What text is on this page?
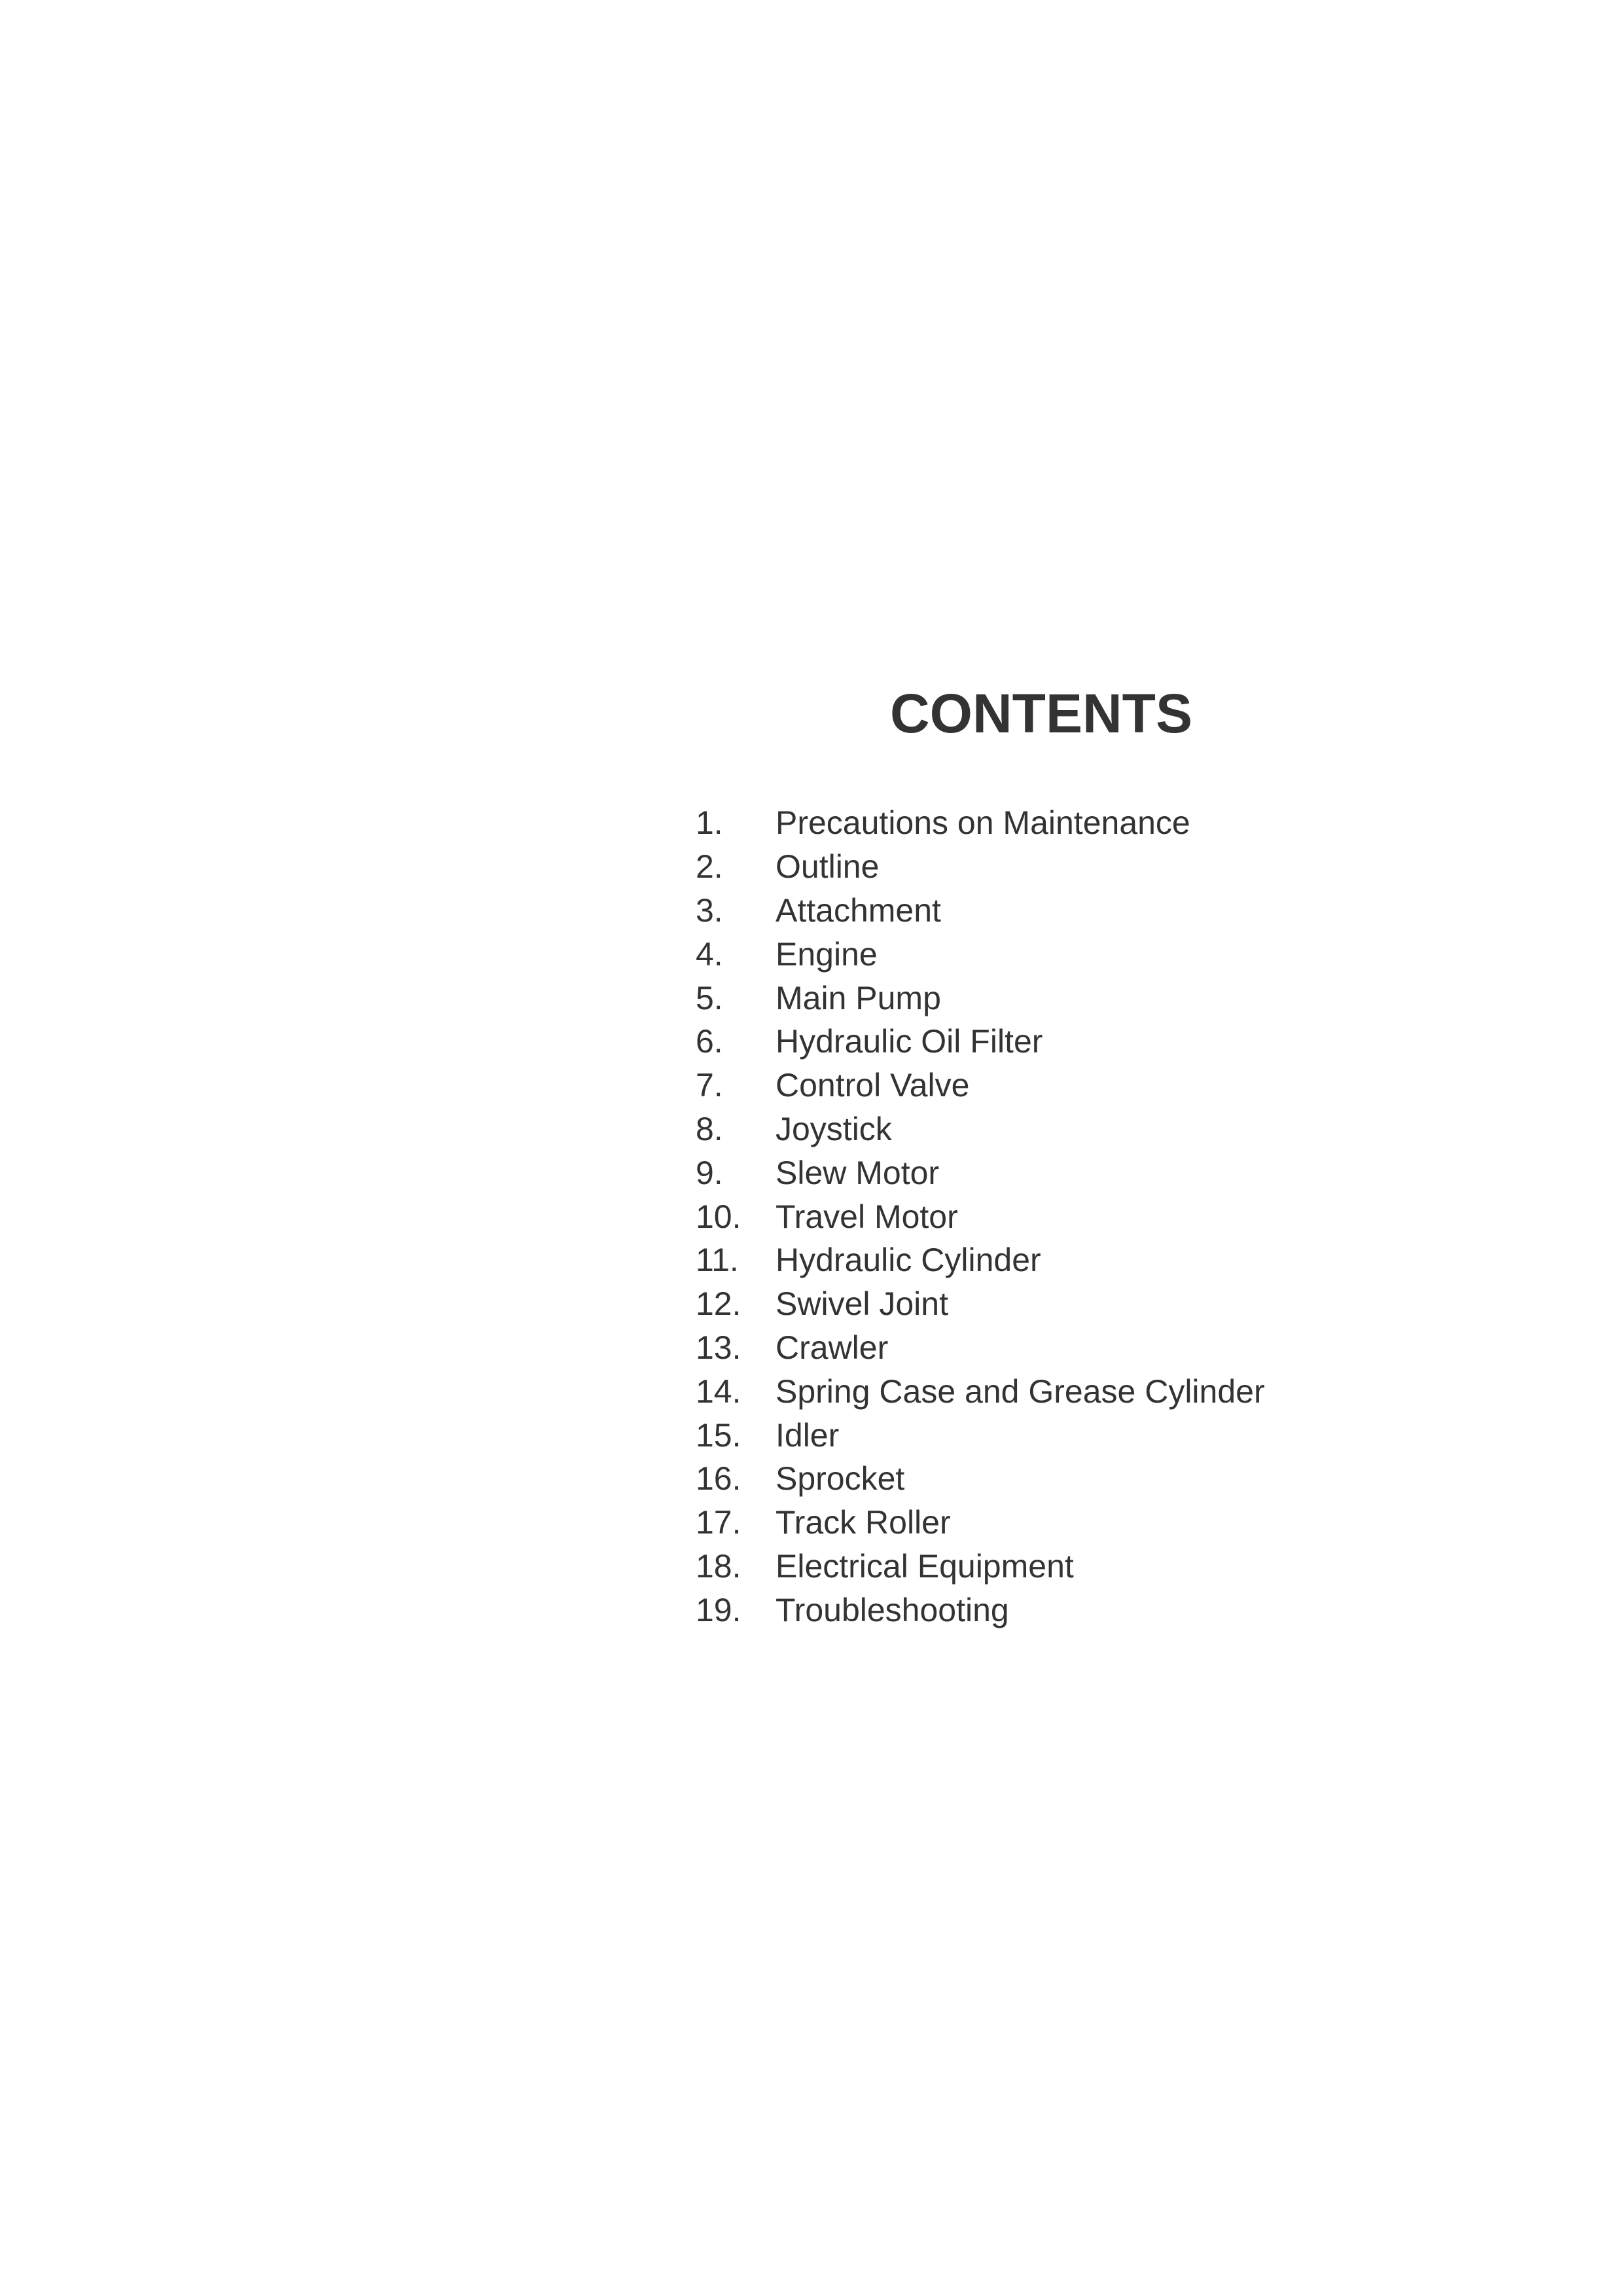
CONTENTS
1.	Precautions on Maintenance
2.	Outline
3.	Attachment
4.	Engine
5.	Main Pump
6.	Hydraulic Oil Filter
7.	Control Valve
8.	Joystick
9.	Slew Motor
10.	Travel Motor
11.	Hydraulic Cylinder
12.	Swivel Joint
13.	Crawler
14.	Spring Case and Grease Cylinder
15.	Idler
16.	Sprocket
17.	Track Roller
18.	Electrical Equipment
19.	Troubleshooting
